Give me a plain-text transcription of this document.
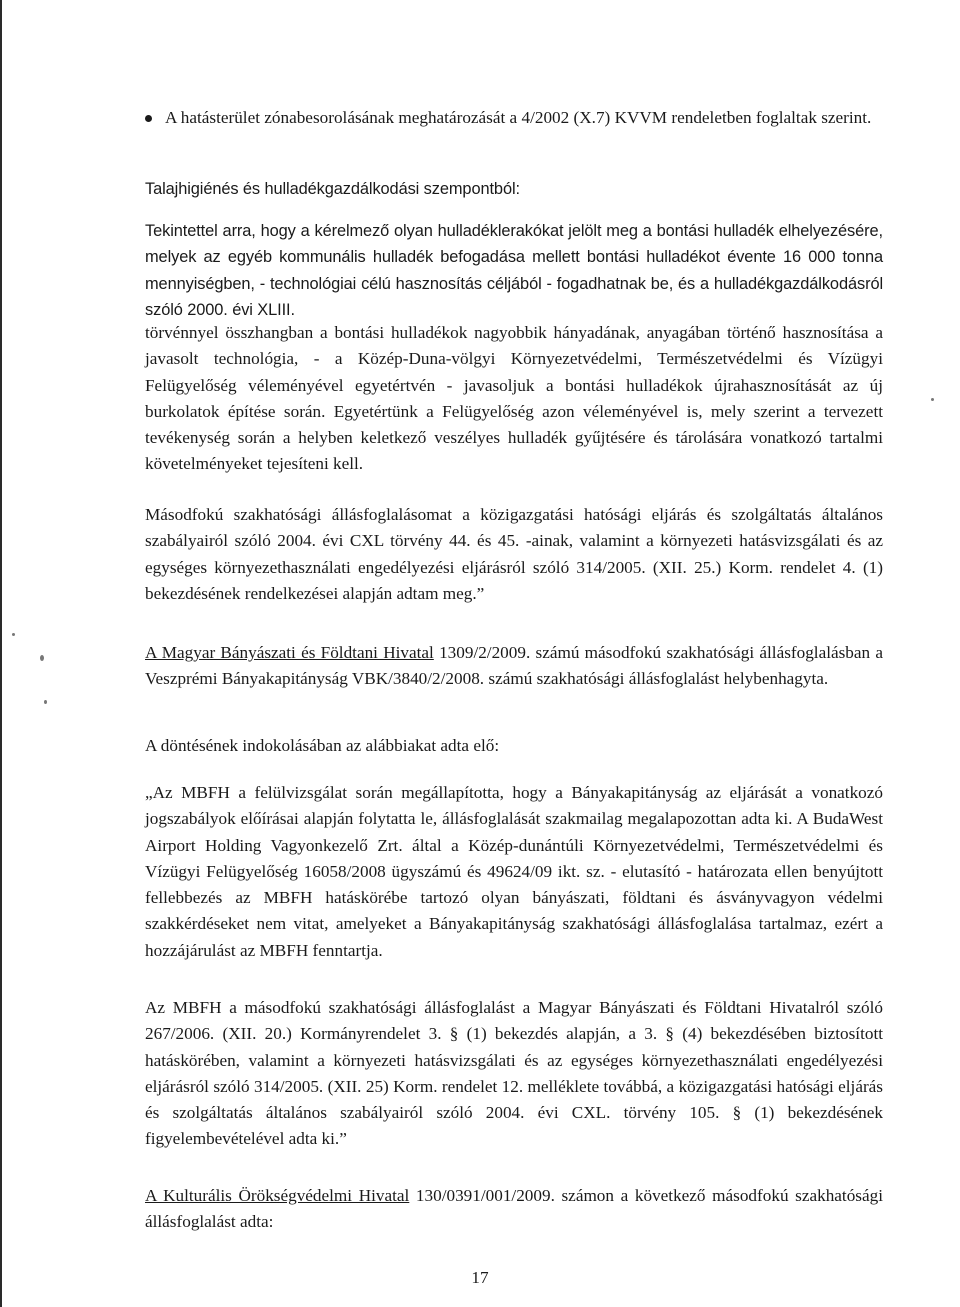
A hatásterület zónabesorolásának meghatározását a 4/2002 (X.7) KVVM rendeletben foglaltak szerint.

Talajhigiénés és hulladékgazdálkodási szempontból:

Tekintettel arra, hogy a kérelmező olyan hulladéklerakókat jelölt meg a bontási hulladék elhelyezésére, melyek az egyéb kommunális hulladék befogadása mellett bontási hulladékot évente 16 000 tonna mennyiségben, - technológiai célú hasznosítás céljából - fogadhatnak be, és a hulladékgazdálkodásról szóló 2000. évi XLIII.

törvénnyel összhangban a bontási hulladékok nagyobbik hányadának, anyagában történő hasznosítása a javasolt technológia, - a Közép-Duna-völgyi Környezetvédelmi, Természetvédelmi és Vízügyi Felügyelőség véleményével egyetértvén - javasoljuk a bontási hulladékok újrahasznosítását az új burkolatok építése során. Egyetértünk a Felügyelőség azon véleményével is, mely szerint a tervezett tevékenység során a helyben keletkező veszélyes hulladék gyűjtésére és tárolására vonatkozó tartalmi követelményeket tejesíteni kell.

Másodfokú szakhatósági állásfoglalásomat a közigazgatási hatósági eljárás és szolgáltatás általános szabályairól szóló 2004. évi CXL törvény 44. és 45. -ainak, valamint a környezeti hatásvizsgálati és az egységes környezethasználati engedélyezési eljárásról szóló 314/2005. (XII. 25.) Korm. rendelet 4. (1) bekezdésének rendelkezései alapján adtam meg.”

A Magyar Bányászati és Földtani Hivatal 1309/2/2009. számú másodfokú szakhatósági állásfoglalásban a Veszprémi Bányakapitányság VBK/3840/2/2008. számú szakhatósági állásfoglalást helybenhagyta.

A döntésének indokolásában az alábbiakat adta elő:

„Az MBFH a felülvizsgálat során megállapította, hogy a Bányakapitányság az eljárását a vonatkozó jogszabályok előírásai alapján folytatta le, állásfoglalását szakmailag megalapozottan adta ki. A BudaWest Airport Holding Vagyonkezelő Zrt. által a Közép-dunántúli Környezetvédelmi, Természetvédelmi és Vízügyi Felügyelőség 16058/2008 ügyszámú és 49624/09 ikt. sz. - elutasító - határozata ellen benyújtott fellebbezés az MBFH hatáskörébe tartozó olyan bányászati, földtani és ásványvagyon védelmi szakkérdéseket nem vitat, amelyeket a Bányakapitányság szakhatósági állásfoglalása tartalmaz, ezért a hozzájárulást az MBFH fenntartja.

Az MBFH a másodfokú szakhatósági állásfoglalást a Magyar Bányászati és Földtani Hivatalról szóló 267/2006. (XII. 20.) Kormányrendelet 3. § (1) bekezdés alapján, a 3. § (4) bekezdésében biztosított hatáskörében, valamint a környezeti hatásvizsgálati és az egységes környezethasználati engedélyezési eljárásról szóló 314/2005. (XII. 25) Korm. rendelet 12. melléklete továbbá, a közigazgatási hatósági eljárás és szolgáltatás általános szabályairól szóló 2004. évi CXL. törvény 105. § (1) bekezdésének figyelembevételével adta ki.”

A Kulturális Örökségvédelmi Hivatal 130/0391/001/2009. számon a következő másodfokú szakhatósági állásfoglalást adta:

17
